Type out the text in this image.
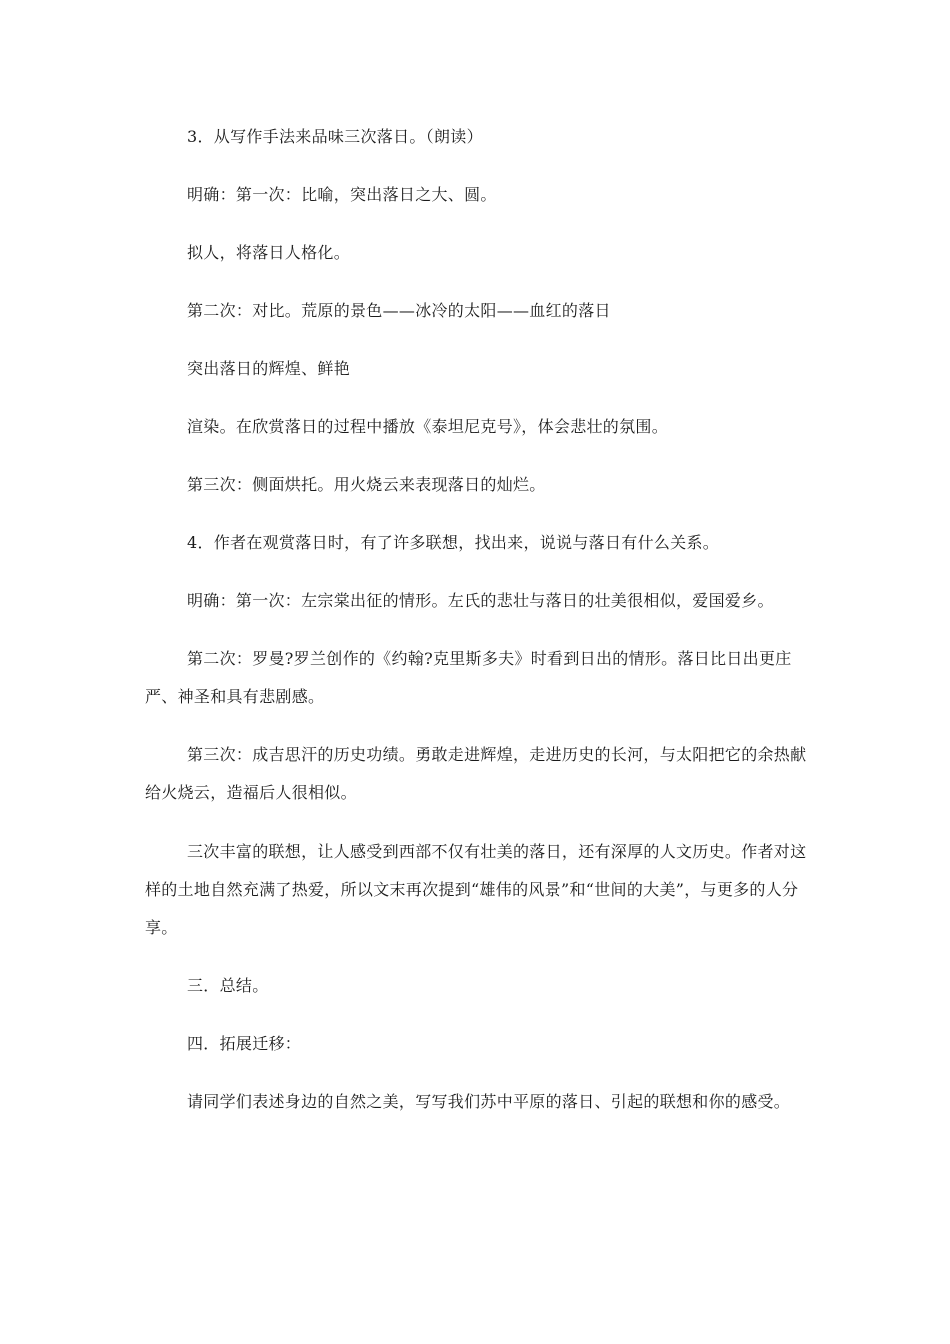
3．从写作手法来品味三次落日。（朗读）

明确：第一次：比喻，突出落日之大、圆。

拟人，将落日人格化。

第二次：对比。荒原的景色——冰冷的太阳——血红的落日

突出落日的辉煌、鲜艳

渲染。在欣赏落日的过程中播放《泰坦尼克号》，体会悲壮的氛围。

第三次：侧面烘托。用火烧云来表现落日的灿烂。

4．作者在观赏落日时，有了许多联想，找出来，说说与落日有什么关系。

明确：第一次：左宗棠出征的情形。左氏的悲壮与落日的壮美很相似，爱国爱乡。

第二次：罗曼?罗兰创作的《约翰?克里斯多夫》时看到日出的情形。落日比日出更庄严、神圣和具有悲剧感。

第三次：成吉思汗的历史功绩。勇敢走进辉煌，走进历史的长河，与太阳把它的余热献给火烧云，造福后人很相似。

三次丰富的联想，让人感受到西部不仅有壮美的落日，还有深厚的人文历史。作者对这样的土地自然充满了热爱，所以文末再次提到“雄伟的风景”和“世间的大美”，与更多的人分享。

三．总结。

四．拓展迁移：

请同学们表述身边的自然之美，写写我们苏中平原的落日、引起的联想和你的感受。
